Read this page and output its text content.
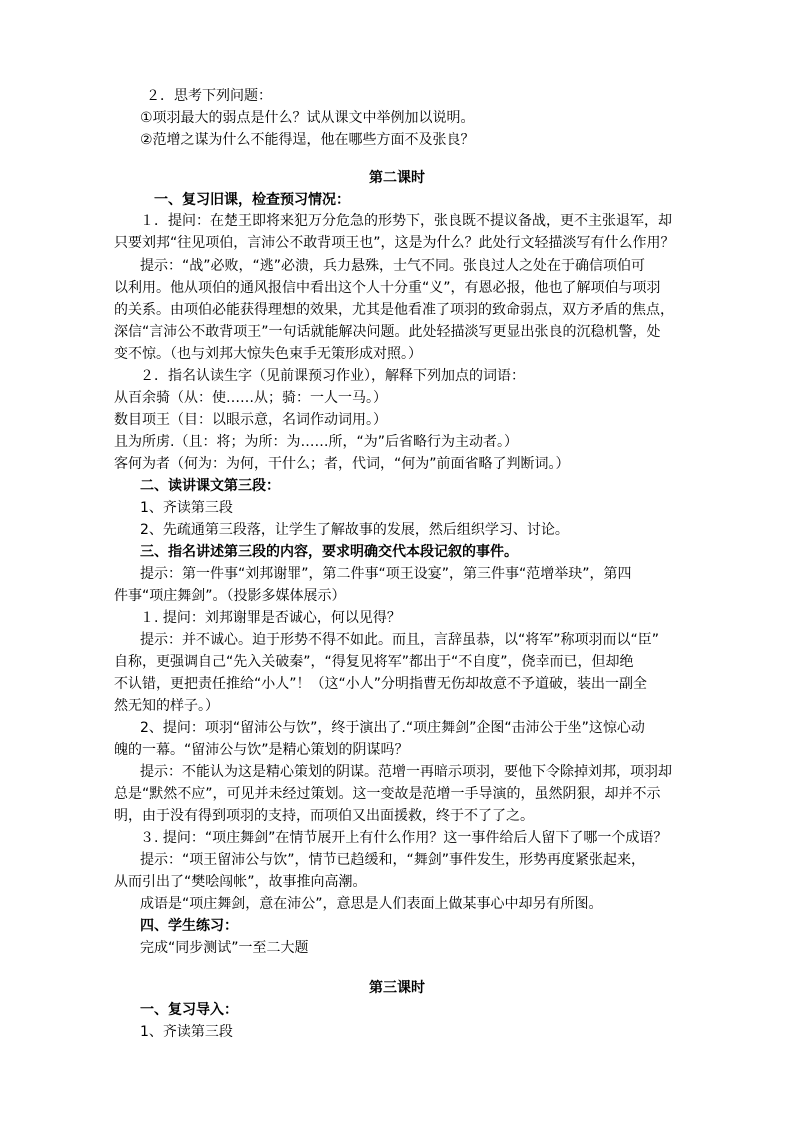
２．思考下列问题：
①项羽最大的弱点是什么？试从课文中举例加以说明。
②范增之谋为什么不能得逞，他在哪些方面不及张良？
第二课时
一、复习旧课，检查预习情况：
１．提问：在楚王即将来犯万分危急的形势下，张良既不提议备战，更不主张退军，却
只要刘邦“往见项伯，言沛公不敢背项王也”，这是为什么？此处行文轻描淡写有什么作用？
提示：“战”必败，“逃”必溃，兵力悬殊，士气不同。张良过人之处在于确信项伯可
以利用。他从项伯的通风报信中看出这个人十分重“义”，有恩必报，他也了解项伯与项羽
的关系。由项伯必能获得理想的效果，尤其是他看准了项羽的致命弱点，双方矛盾的焦点，
深信“言沛公不敢背项王”一句话就能解决问题。此处轻描淡写更显出张良的沉稳机警，处
变不惊。（也与刘邦大惊失色束手无策形成对照。）
２．指名认读生字（见前课预习作业），解释下列加点的词语：
从百余骑（从：使……从；骑：一人一马。）
数目项王（目：以眼示意，名词作动词用。）
且为所虏.（且：将；为所：为……所，“为”后省略行为主动者。）
客何为者（何为：为何，干什么；者，代词，“何为”前面省略了判断词。）
二、读讲课文第三段：
1、齐读第三段
2、先疏通第三段落，让学生了解故事的发展，然后组织学习、讨论。
三、指名讲述第三段的内容，要求明确交代本段记叙的事件。
提示：第一件事“刘邦谢罪”，第二件事“项王设宴”，第三件事“范增举玦”，第四
件事“项庄舞剑”。（投影多媒体展示）
１. 提问：刘邦谢罪是否诚心，何以见得？
提示：并不诚心。迫于形势不得不如此。而且，言辞虽恭，以“将军”称项羽而以“臣”
自称，更强调自己“先入关破秦”，“得复见将军”都出于“不自度”，侥幸而已，但却绝
不认错，更把责任推给“小人”！（这“小人”分明指曹无伤却故意不予道破，装出一副全
然无知的样子。）
2、提问：项羽“留沛公与饮”，终于演出了.“项庄舞剑”企图“击沛公于坐”这惊心动
魄的一幕。“留沛公与饮”是精心策划的阴谋吗？
提示：不能认为这是精心策划的阴谋。范增一再暗示项羽，要他下令除掉刘邦，项羽却
总是“默然不应”，可见并未经过策划。这一变故是范增一手导演的，虽然阴狠，却并不示
明，由于没有得到项羽的支持，而项伯又出面援救，终于不了了之。
３. 提问：“项庄舞剑”在情节展开上有什么作用？这一事件给后人留下了哪一个成语？
提示：“项王留沛公与饮”，情节已趋缓和，“舞剑”事件发生，形势再度紧张起来，
从而引出了“樊哙闯帐”，故事推向高潮。
成语是“项庄舞剑，意在沛公”，意思是人们表面上做某事心中却另有所图。
四、学生练习：
完成“同步测试”一至二大题
第三课时
一、复习导入：
1、齐读第三段
